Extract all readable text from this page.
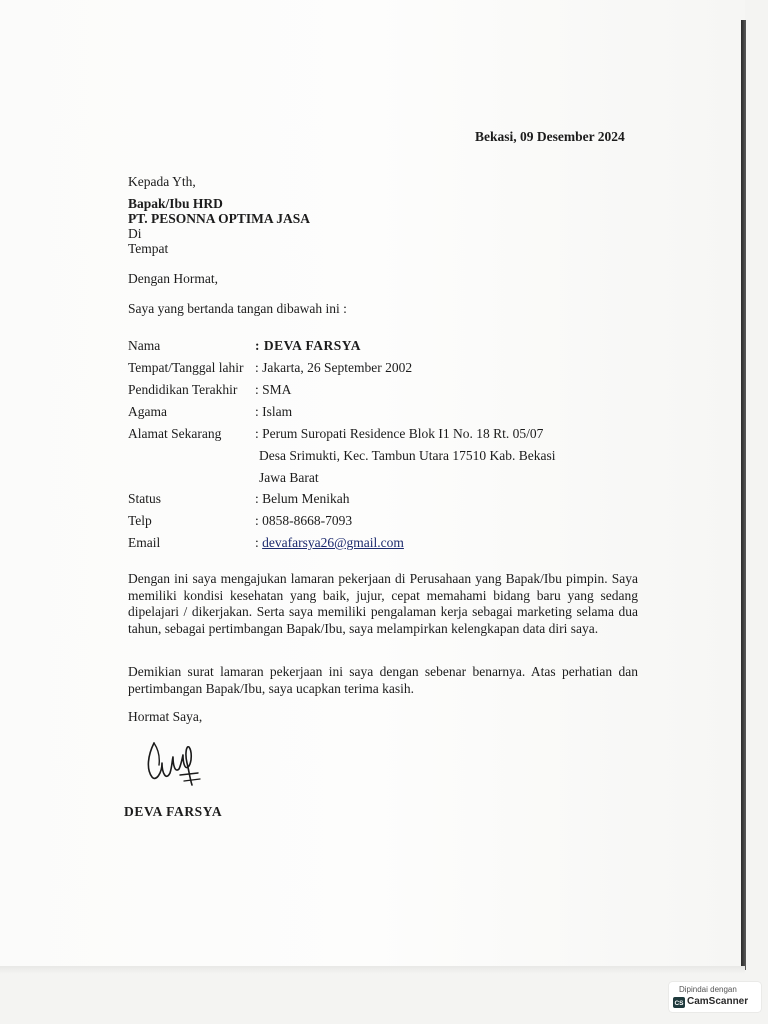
Bekasi, 09 Desember 2024
Kepada Yth,
Bapak/Ibu HRD
PT. PESONNA OPTIMA JASA
Di
Tempat
Dengan Hormat,
Saya yang bertanda tangan dibawah ini :
Nama	: DEVA FARSYA
Tempat/Tanggal lahir : Jakarta, 26 September 2002
Pendidikan Terakhir : SMA
Agama	: Islam
Alamat Sekarang : Perum Suropati Residence Blok I1 No. 18 Rt. 05/07
Desa Srimukti, Kec. Tambun Utara 17510 Kab. Bekasi
Jawa Barat
Status	: Belum Menikah
Telp	: 0858-8668-7093
Email	: devafarsya26@gmail.com
Dengan ini saya mengajukan lamaran pekerjaan di Perusahaan yang Bapak/Ibu pimpin. Saya memiliki kondisi kesehatan yang baik, jujur, cepat memahami bidang baru yang sedang dipelajari / dikerjakan. Serta saya memiliki pengalaman kerja sebagai marketing selama dua tahun, sebagai pertimbangan Bapak/Ibu, saya melampirkan kelengkapan data diri saya.
Demikian surat lamaran pekerjaan ini saya dengan sebenar benarnya. Atas perhatian dan pertimbangan Bapak/Ibu, saya ucapkan terima kasih.
Hormat Saya,
DEVA FARSYA
Dipindai dengan
CS CamScanner
